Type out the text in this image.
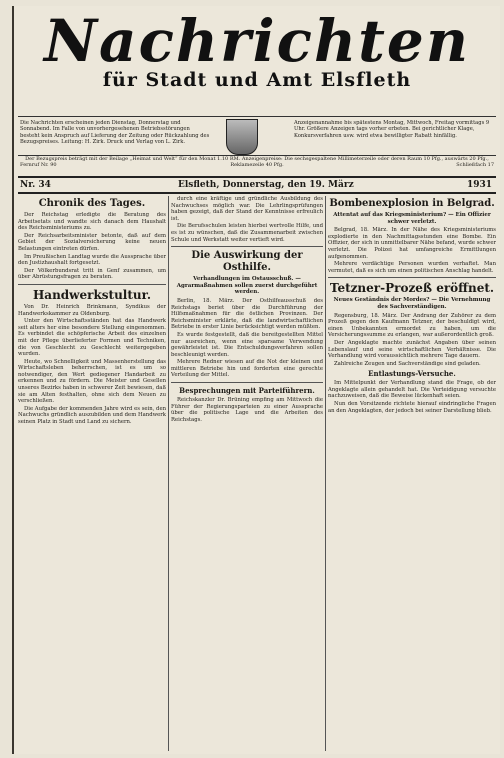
Nachrichten
für Stadt und Amt Elsfleth
Die Nachrichten erscheinen jeden Dienstag, Donnerstag und Sonnabend. Im Falle von unvorhergesehenen Betriebsstörungen besteht kein Anspruch auf Lieferung der Zeitung oder Rückzahlung des Bezugspreises. Leitung: H. Zirk. Druck und Verlag von L. Zirk.
Anzeigenannahme bis spätestens Montag, Mittwoch, Freitag vormittags 9 Uhr. Größere Anzeigen tags vorher erbeten. Bei gerichtlicher Klage, Konkursverfahren usw. wird etwa bewilligter Rabatt hinfällig.
Der Bezugspreis beträgt mit der Beilage „Heimat und Welt“ für den Monat 1.10 RM. Anzeigenpreise: Die sechsgespaltene Millimeterzeile oder deren Raum 10 Pfg., auswärts 20 Pfg., Reklamezeile 40 Pfg.
Fernruf Nr. 90	Schließfach 17
Nr. 34	Elsfleth, Donnerstag, den 19. März	1931
Chronik des Tages.

Der Reichstag erledigte die Beratung des Arbeitsetats und wandte sich danach dem Haushalt des Reichsministeriums zu.

Der Reichsarbeitsminister betonte, daß auf dem Gebiet der Sozialversicherung keine neuen Belastungen eintreten dürfen.

Im Preußischen Landtag wurde die Aussprache über den Justizhaushalt fortgesetzt.

Der Völkerbundsrat tritt in Genf zusammen, um über Abrüstungsfragen zu beraten.

Handwerkstultur.

Von Dr. Heinrich Brinkmann, Syndikus der Handwerkskammer zu Oldenburg.

Unter den Wirtschaftsständen hat das Handwerk seit alters her eine besondere Stellung eingenommen. Es verbindet die schöpferische Arbeit des einzelnen mit der Pflege überlieferter Formen und Techniken, die von Geschlecht zu Geschlecht weitergegeben wurden.

Heute, wo Schnelligkeit und Massenherstellung das Wirtschaftsleben beherrschen, ist es um so notwendiger, den Wert gediegener Handarbeit zu erkennen und zu fördern. Die Meister und Gesellen unseres Bezirks haben in schwerer Zeit bewiesen, daß sie am Alten festhalten, ohne sich dem Neuen zu verschließen.

Die Aufgabe der kommenden Jahre wird es sein, den Nachwuchs gründlich auszubilden und dem Handwerk seinen Platz in Stadt und Land zu sichern.

durch eine kräftige und gründliche Ausbildung des Nachwuchses möglich war. Die Lehrlingsprüfungen haben gezeigt, daß der Stand der Kenntnisse erfreulich ist.

Die Berufsschulen leisten hierbei wertvolle Hilfe, und es ist zu wünschen, daß die Zusammenarbeit zwischen Schule und Werkstatt weiter vertieft wird.

Die Auswirkung der Osthilfe.
Verhandlungen im Ostausschuß. — Agrarmaßnahmen sollen zuerst durchgeführt werden.

Berlin, 18. März. Der Osthilfeausschuß des Reichstags beriet über die Durchführung der Hilfsmaßnahmen für die östlichen Provinzen. Der Reichsminister erklärte, daß die landwirtschaftlichen Betriebe in erster Linie berücksichtigt werden müßten.

Es wurde festgestellt, daß die bereitgestellten Mittel nur ausreichen, wenn eine sparsame Verwendung gewährleistet ist. Die Entschuldungsverfahren sollen beschleunigt werden.

Mehrere Redner wiesen auf die Not der kleinen und mittleren Betriebe hin und forderten eine gerechte Verteilung der Mittel.

Besprechungen mit Parteiführern.

Reichskanzler Dr. Brüning empfing am Mittwoch die Führer der Regierungsparteien zu einer Aussprache über die politische Lage und die Arbeiten des Reichstags.

Bombenexplosion in Belgrad.
Attentat auf das Kriegsministerium? — Ein Offizier schwer verletzt.

Belgrad, 18. März. In der Nähe des Kriegsministeriums explodierte in den Nachmittagsstunden eine Bombe. Ein Offizier, der sich in unmittelbarer Nähe befand, wurde schwer verletzt. Die Polizei hat umfangreiche Ermittlungen aufgenommen.

Mehrere verdächtige Personen wurden verhaftet. Man vermutet, daß es sich um einen politischen Anschlag handelt.

Tetzner-Prozeß eröffnet.
Neues Geständnis der Mordes? — Die Vernehmung des Sachverständigen.

Regensburg, 18. März. Der Andrang der Zuhörer zu dem Prozeß gegen den Kaufmann Tetzner, der beschuldigt wird, einen Unbekannten ermordet zu haben, um die Versicherungssumme zu erlangen, war außerordentlich groß.

Der Angeklagte machte zunächst Angaben über seinen Lebenslauf und seine wirtschaftlichen Verhältnisse. Die Verhandlung wird voraussichtlich mehrere Tage dauern.

Zahlreiche Zeugen und Sachverständige sind geladen.

Entlastungs-Versuche.

Im Mittelpunkt der Verhandlung stand die Frage, ob der Angeklagte allein gehandelt hat. Die Verteidigung versuchte nachzuweisen, daß die Beweise lückenhaft seien.

Nun den Vorsitzende richtete hierauf eindringliche Fragen an den Angeklagten, der jedoch bei seiner Darstellung blieb.
